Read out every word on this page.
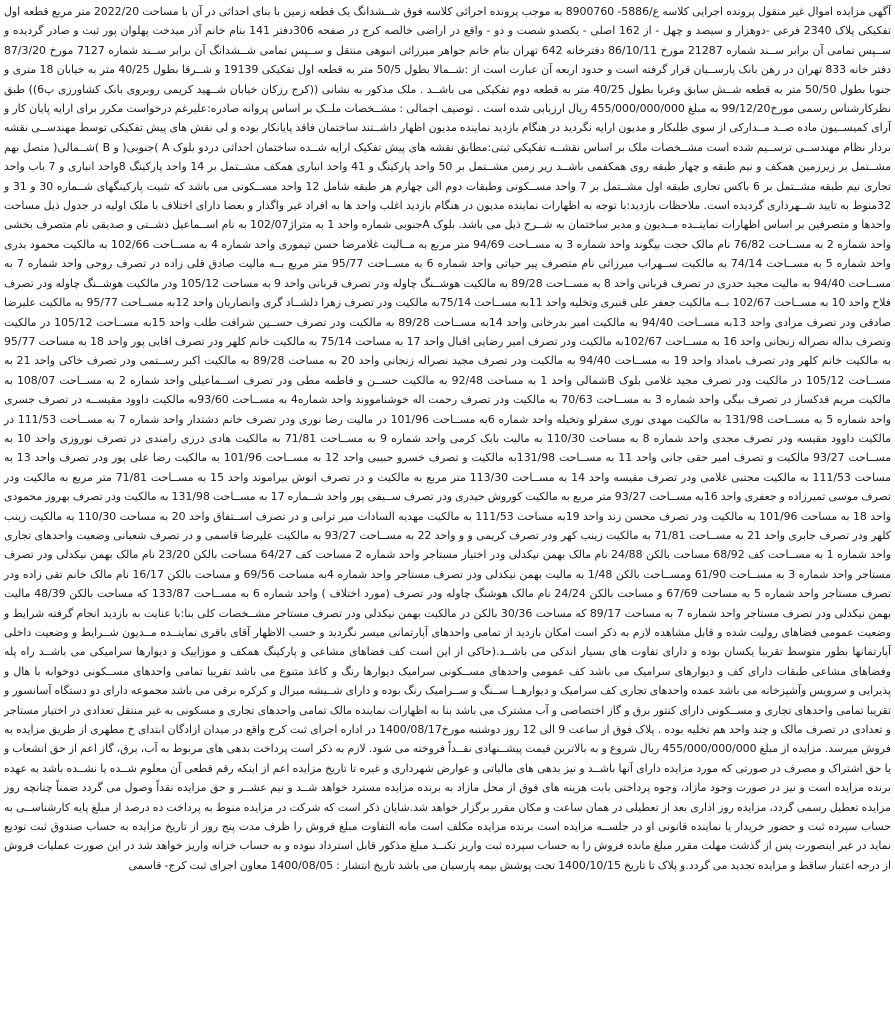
آگهی مزایده اموال غیر منقول پرونده اجرایی کلاسه ع/5886- 8900760 به موجب پرونده اجرائی کلاسه فوق شــشدانگ یک قطعه زمین با بنای احداثی در آن با مساحت 2022/20 متر مربع قطعه اول تفکیکی پلاک 2340 فرعی -دوهزار و سیصد و چهل - از 162 اصلی - یکصدو شصت و دو - واقع در اراضی خالصه کرج در صفحه 306دفتر 141 بنام خانم آذر میدخت پهلوان پور ثبت و صادر گردیده و ســپس تمامی آن برابر ســند شماره 21287 مورخ 86/10/11 دفترخانه 642 تهران بنام خانم جواهر میرزائی انبوهی منتقل و ســپس تمامی شــشدانگ آن برابر ســند شماره 7127 مورخ 87/3/20 دفتر خانه 833 تهران در رهن بانک پارســیان قرار گرفته است و حدود اربعه آن عبارت است از :شــمالا بطول 50/5 متر به قطعه اول تفکیکی 19139 و شــرقا بطول 40/25 متر به خیابان 18 متری و جنوبا بطول 50/50 متر به قطعه شــش سابق وغربا بطول 40/25 متر به قطعه دوم تفکیکی می باشــد . ملک مذکور به نشانی ((کرج رزکان خیابان شــهید کریمی روبروی بانک کشاورزی پ6)) طبق نظرکارشناس رسمی مورخ99/12/20 به مبلغ 455/000/000/000 ریال ارزیابی شده است . توصیف اجمالی : مشــخصات ملــک بر اساس پروانه صادره:علیرغم درخواست مکرر برای ارایه پایان کار و آرای کمیســیون ماده صــد مــدارکی از سوی طلبکار و مدیون ارایه نگردید در هنگام بازدید نماینده مدیون اظهار داشــتند ساختمان فاقد پایانکار بوده و لی نقش های پیش تفکیکی توسط مهندســی نقشه بردار نظام مهندســی ترســیم شده است مشــخصات ملک بر اساس نقشــه تفکیکی ثبتی:مطابق نقشه های پیش تفکیک ارایه شــده ساختمان احداثی دردو بلوک A )جنوبی( و B )شــمالی( متصل بهم مشــتمل بر زیرزمین همکف و نیم طبقه و چهار طبقه روی همکفمی باشــد زیر زمین مشــتمل بر 50 واحد پارکینگ و 41 واحد انباری همکف مشــتمل بر 14 واحد پارکینگ 8واحد انباری و 7 باب واحد تجاری نیم طبقه مشــتمل بر 6 باکس تجاری طبقه اول مشــتمل بر 7 واحد مســکونی وطبقات دوم الی چهارم هر طبقه شامل 12 واحد مســکونی می باشد که تثبیت پارکینگهای شــماره 30 و 31 و 32منوط به تایید شــهرداری گردیده است. ملاحظات بازدید:با توجه به اظهارات نماینده مدیون در هنگام بازدید اغلب واحد ها به افراد غیر واگذار و بعضا دارای اختلاف با ملک اولیه در جدول ذیل مساحت واحدها و متصرفین بر اساس اظهارات نماینــده مــدیون و مدیر ساختمان به شــرح ذیل می باشد. بلوک Aجنوبی شماره واحد 1 به متراژ102/07 به نام اســماعیل دشــتی و صدیقی نام متصرف بخشی واحد شماره 2 به مســاحت 76/82 نام مالک حجت بیگوند واحد شماره 3 به مســاحت 94/69 متر مربع به مــالیت غلامرضا حسن تیموری واحد شماره 4 به مســاحت 102/66 به مالکیت محمود بدری واحد شماره 5 به مســاحت 74/14 به مالکیت ســهراب میرزائی نام متصرف پیر حیاتی واحد شماره 6 به مســاحت 95/77 متر مربع بــه مالیت صادق قلی زاده در تصرف روحی واحد شماره 7 به مســاحت 94/40 به مالیت مجید حدری در تصرف قربانی واحد 8 به مســاحت 89/28 به مالکیت هوشــنگ چاوله ودر تصرف قربانی واحد 9 به مساحت 105/12 ودر مالکیت هوشــنگ چاوله ودر تصرف فلاح واحد 10 به مســاحت 102/67 بــه مالکیت جعفر علی قنبری وتخلیه واحد 11به مســاحت 75/14به مالکیت ودر تصرف زهرا دلشــاد گری وانصاریان واحد 12به مســاحت 95/77 به مالکیت علیرضا صادقی ودر تصرف مرادی واحد 13به مســاحت 94/40 به مالکیت امیر بدرخانی واحد 14به مســاحت 89/28 به مالکیت ودر تصرف حســین شرافت طلب واحد 15به مســاحت 105/12 در مالکیت وتصرف بداله نصراله زنجانی واحد 16 به مســاحت 102/67به مالکیت ودر تصرف امیر رضایی اقبال واحد 17 به مساحت 75/14 به مالکیت خانم کلهر ودر تصرف اقایی پور واحد 18 به مساحت 95/77 به مالکیت خانم کلهر ودر تصرف بامداد واحد 19 به مســاحت 94/40 به مالکیت ودر تصرف مجید نصراله زنجانی واحد 20 به مساحت 89/28 به مالکیت اکبر رســتمی ودر تصرف خاکی واحد 21 به مســاحت 105/12 در مالکیت ودر تصرف مجید غلامی بلوک Bشمالی واحد 1 به مساحت 92/48 به مالکیت حســن و فاطمه مطی ودر تصرف اســماعیلی واحد شماره 2 به مســاحت 108/07 به مالکیت مریم قدکساز در تصرف بیگی واحد شماره 3 به مســاحت 70/63 به مالکیت ودر تصرف رحمت اله خوشنامووند واحد شماره4 به مســاحت 93/60به مالکیت داوود مقیســه در تصرف جسری واحد شماره 5 به مســاحت 131/98 به مالکیت مهدی نوری سقرلو وتخیله واحد شماره 6به مســاحت 101/96 در مالیت رضا نوری ودر تصرف خانم دشتدار واحد شماره 7 به مســاحت 111/53 در مالکیت داوود مقیسه ودر تصرف مجدی واحد شماره 8 به مساحت 110/30 به مالیت بابک کرمی واحد شماره 9 به مســاحت 71/81 به مالکیت هادی درزی رامندی در تصرف نوروزی واحد 10 به مســاحت 93/27 مالکیت و تصرف امیر حقی جانی واحد 11 به مســاحت 131/98به مالکیت و تصرف خسرو حبیبی واحد 12 به مســاحت 101/96 به مالکیت رضا علی پور ودر تصرف واحد 13 به مساحت 111/53 به مالکیت مجتبی غلامی ودر تصرف مقیسه واحد 14 به مســاحت 113/30 متر مربع به مالکیت و در تصرف انوش بیراموند واحد 15 به مســاحت 71/81 متر مربع به مالکیت ودر تصرف موسی تمیرزاده و جعفری واحد 16به مســاحت 93/27 متر مربع به مالکیت کوروش حیدری ودر تصرف ســیفی پور واحد شــماره 17 به مســاحت 131/98 به مالکیت ودر تصرف بهروز محمودی واحد 18 به مساحت 101/96 به مالکیت ودر تصرف محسن زند واحد 19به مساحت 111/53 به مالکیت مهدیه السادات میر ترابی و در تصرف اســتفاق واحد 20 به مساحت 110/30 به مالکیت زینب کلهر ودر تصرف جابری واحد 21 به مســاحت 71/81 به مالکیت زینب کهر ودر تصرف کریمی و و واحد 22 به مســاحت 93/27 به مالکیت علیرضا قاسمی و در تصرف شعبانی وضعیت واحدهای تجاری واحد شماره 1 به مســاحت کف 68/92 مساحت بالکن 24/88 نام مالک بهمن نیکدلی ودر اختیار مستاجر واحد شماره 2 مساحت کف 64/27 مساحت بالکن 23/20 نام مالک بهمن نیکدلی ودر تصرف مستاجر واحد شماره 3 به مســاحت 61/90 ومســاحت بالکن 1/48 به مالیت بهمن نیکدلی ودر تصرف مستاجر واحد شماره 4به مساحت 69/56 و مساحت بالکن 16/17 نام مالک خانم تقی زاده ودر تصرف مستاجر واحد شماره 5 به مساحت 67/69 و مساحت بالکن 24/24 نام مالک هوشنگ چاوله ودر تصرف (مورد اختلاف ) واحد شماره 6 به مســاحت 133/87 که مساحت بالکن 48/39 مالیت بهمن نیکدلی ودر تصرف مستاجر واحد شماره 7 به مساحت 89/17 که مساحت 30/36 بالکن در مالکیت بهمن نیکدلی ودر تصرف مستاجر مشــخصات کلی بنا:با عنایت به بازدید انجام گرفته شرایط و وضعیت عمومی فضاهای رولیت شده و قابل مشاهده لازم به ذکر است امکان بازدید از تمامی واحدهای آپارتمانی میسر نگردید و حسب الاظهار آقای باقری نماینــده مــدیون شــرایط و وضعیت داخلی آپارتمانها بطور متوسط تقریبا یکسان بوده و دارای تفاوت های بسیار اندکی می باشــد.(حاکی از این است کف فضاهای مشاعی و پارکینگ همکف و موزاییک و دیوارها سرامیکی می باشــد راه پله وفضاهای مشاعی طبقات دارای کف و دیوارهای سرامیک می باشد کف عمومی واحدهای مســکونی سرامیک دیوارها رنگ و کاغذ متنوع می باشد تقریبا تمامی واحدهای مســکونی دوخوابه با هال و پذیرایی و سرویس وآشپزخانه می باشد عمده واحدهای تجاری کف سرامیک و دیوارهــا ســنگ و ســرامیک رنگ بوده و دارای شــیشه میرال و کرکره برقی می باشد مجموعه دارای دو دستگاه آسانسور و تقریبا تمامی واحدهای تجاری و مســکونی دارای کنتور برق و گاز اختصاصی و آب مشترک می باشد بنا به اظهارات نماینده مالک تمامی واحدهای تجاری و مسکونی به غیر منتقل تعدادی در اختیار مستاجر و تعدادی در تصرف مالک و چند واحد هم تخلیه بوده . پلاک فوق از ساعت 9 الی 12 روز دوشنبه مورخ1400/08/17 در اداره اجرای ثبت کرج واقع در میدان ازادگان ابتدای خ مطهری از طریق مزایده به فروش میرسد. مزایده از مبلغ 455/000/000/000 ریال شروع و به بالاترین قیمت پیشــنهادی نقــداً فروخته می شود. لازم به ذکر است پرداخت بدهی های مربوط به آب، برق، گاز اعم از حق انشعاب و یا حق اشتراک و مصرف در صورتی که مورد مزایده دارای آنها باشــد و نیز بدهی های مالیاتی و عوارض شهرداری و غیره تا تاریخ مزایده اعم از اینکه رقم قطعی آن معلوم شــده یا نشــده باشد به عهده برنده مزایده است و نیز در صورت وجود مازاد، وجوه پرداختی بابت هزینه های فوق از محل مازاد به برنده مزایده مسترد خواهد شــد و نیم عشــر و حق مزایده نقداً وصول می گردد ضمناً چنانچه روز مزایده تعطیل رسمی گردد، مزایده روز اداری بعد از تعطیلی در همان ساعت و مکان مقرر برگزار خواهد شد.شایان ذکر است که شرکت در مزایده منوط به پرداخت ده درصد از مبلغ پایه کارشناســی به حساب سپرده ثبت و حضور خریدار یا نماینده قانونی او در جلســه مزایده است برنده مزایده مکلف است مابه التفاوت مبلغ فروش را ظرف مدت پنج روز از تاریخ مزایده به حساب صندوق ثبت تودیع نماید در غیر اینصورت پس از گذشت مهلت مقرر مبلغ مانده فروش را به حساب سپرده ثبت واریز تکنــد مبلغ مذکور قابل استرداد نبوده و به حساب خزانه واریز خواهد شد در این صورت عملیات فروش از درجه اعتبار ساقط و مزایده تجدید می گردد.و پلاک تا تاریخ 1400/10/15 تحت پوشش بیمه پارسیان می باشد تاریخ انتشار : 1400/08/05 معاون اجرای ثبت کرج- قاسمی
